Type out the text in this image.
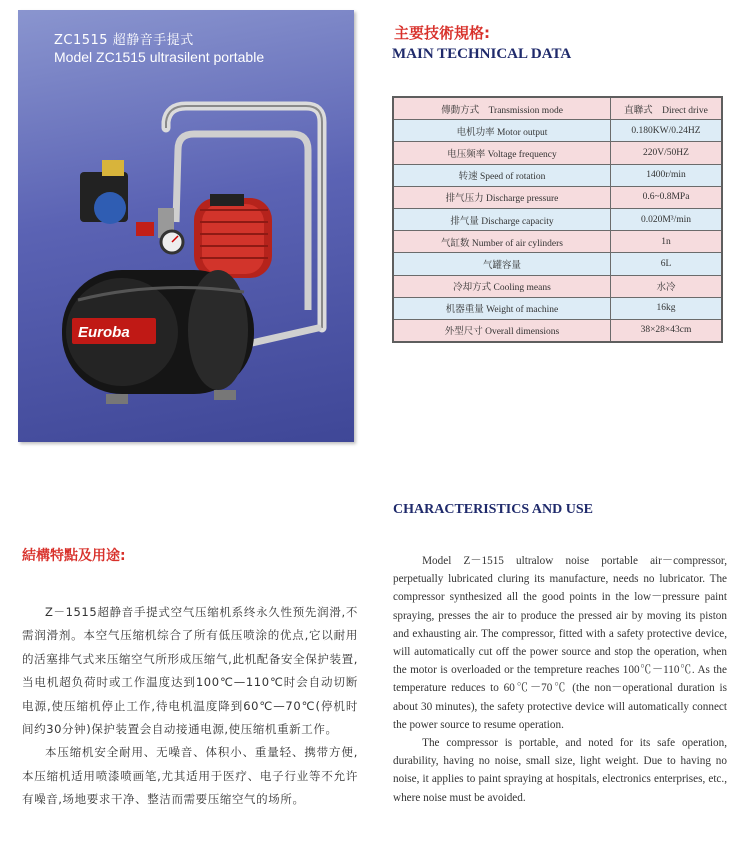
Euroba
ZC1515 超静音手提式
Model ZC1515 ultrasilent portable
主要技術規格:
MAIN TECHNICAL DATA
傳動方式　Transmission mode	直聯式　Direct drive
电机功率 Motor output	0.180KW/0.24HZ
电压频率 Voltage frequency	220V/50HZ
转速 Speed of rotation	1400r/min
排气压力 Discharge pressure	0.6~0.8MPa
排气量 Discharge capacity	0.020M³/min
气缸数 Number of air cylinders	1n
气罐容量	6L
冷却方式 Cooling means	水冷
机器重量 Weight of machine	16kg
外型尺寸 Overall dimensions	38×28×43cm
CHARACTERISTICS AND USE
結構特點及用途:

Z－1515超静音手提式空气压缩机系终永久性预先润滑,不需润滑剂。本空气压缩机综合了所有低压喷涂的优点,它以耐用的活塞排气式来压缩空气所形成压缩气,此机配备安全保护装置,当电机超负荷时或工作温度达到100℃—110℃时会自动切断电源,使压缩机停止工作,待电机温度降到60℃—70℃(停机时间约30分钟)保护装置会自动接通电源,使压缩机重新工作。

本压缩机安全耐用、无噪音、体积小、重量轻、携带方便,本压缩机适用喷漆喷画笔,尤其适用于医疗、电子行业等不允许有噪音,场地要求干净、整洁而需要压缩空气的场所。

Model Z－1515 ultralow noise portable air－compressor, perpetually lubricated cluring its manufacture, needs no lubricator. The compressor synthesized all the good points in the low－pressure paint spraying, presses the air to produce the pressed air by moving its piston and exhausting air. The compressor, fitted with a safety protective device, will automatically cut off the power source and stop the operation, when the motor is overloaded or the tempreture reaches 100℃－110℃. As the temperature reduces to 60℃－70℃ (the non－operational duration is about 30 minutes), the safety protective device will automatically connect the power source to resume operation.

The compressor is portable, and noted for its safe operation, durability, having no noise, small size, light weight. Due to having no noise, it applies to paint spraying at hospitals, electronics enterprises, etc., where noise must be avoided.
